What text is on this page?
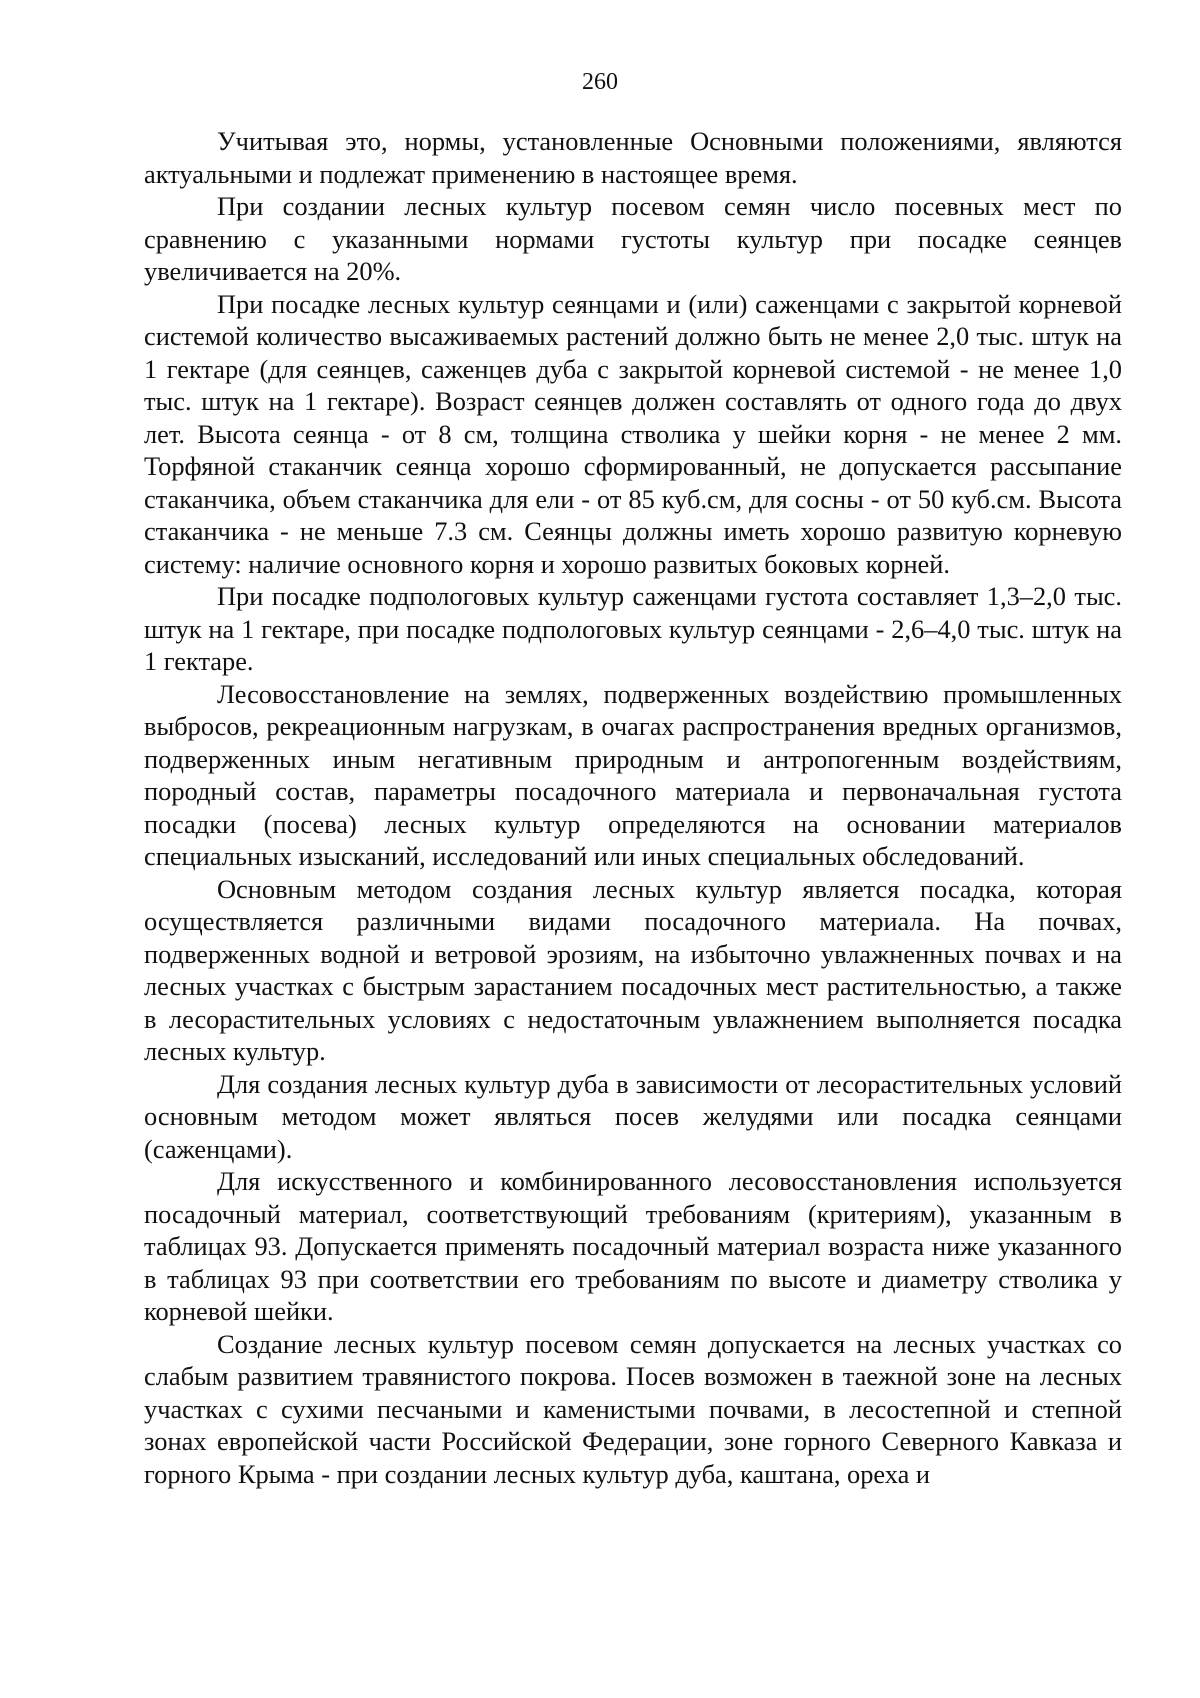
260

Учитывая это, нормы, установленные Основными положениями, являются актуальными и подлежат применению в настоящее время.

При создании лесных культур посевом семян число посевных мест по сравнению с указанными нормами густоты культур при посадке сеянцев увеличивается на 20%.

При посадке лесных культур сеянцами и (или) саженцами с закрытой корневой системой количество высаживаемых растений должно быть не менее 2,0 тыс. штук на 1 гектаре (для сеянцев, саженцев дуба с закрытой корневой системой - не менее 1,0 тыс. штук на 1 гектаре). Возраст сеянцев должен составлять от одного года до двух лет. Высота сеянца - от 8 см, толщина стволика у шейки корня - не менее 2 мм. Торфяной стаканчик сеянца хорошо сформированный, не допускается рассыпание стаканчика, объем стаканчика для ели - от 85 куб.см, для сосны - от 50 куб.см. Высота стаканчика - не меньше 7.3 см. Сеянцы должны иметь хорошо развитую корневую систему: наличие основного корня и хорошо развитых боковых корней.

При посадке подпологовых культур саженцами густота составляет 1,3–2,0 тыс. штук на 1 гектаре, при посадке подпологовых культур сеянцами - 2,6–4,0 тыс. штук на 1 гектаре.

Лесовосстановление на землях, подверженных воздействию промышленных выбросов, рекреационным нагрузкам, в очагах распространения вредных организмов, подверженных иным негативным природным и антропогенным воздействиям, породный состав, параметры посадочного материала и первоначальная густота посадки (посева) лесных культур определяются на основании материалов специальных изысканий, исследований или иных специальных обследований.

Основным методом создания лесных культур является посадка, которая осуществляется различными видами посадочного материала. На почвах, подверженных водной и ветровой эрозиям, на избыточно увлажненных почвах и на лесных участках с быстрым зарастанием посадочных мест растительностью, а также в лесорастительных условиях с недостаточным увлажнением выполняется посадка лесных культур.

Для создания лесных культур дуба в зависимости от лесорастительных условий основным методом может являться посев желудями или посадка сеянцами (саженцами).

Для искусственного и комбинированного лесовосстановления используется посадочный материал, соответствующий требованиям (критериям), указанным в таблицах 93. Допускается применять посадочный материал возраста ниже указанного в таблицах 93 при соответствии его требованиям по высоте и диаметру стволика у корневой шейки.

Создание лесных культур посевом семян допускается на лесных участках со слабым развитием травянистого покрова. Посев возможен в таежной зоне на лесных участках с сухими песчаными и каменистыми почвами, в лесостепной и степной зонах европейской части Российской Федерации, зоне горного Северного Кавказа и горного Крыма - при создании лесных культур дуба, каштана, ореха и
